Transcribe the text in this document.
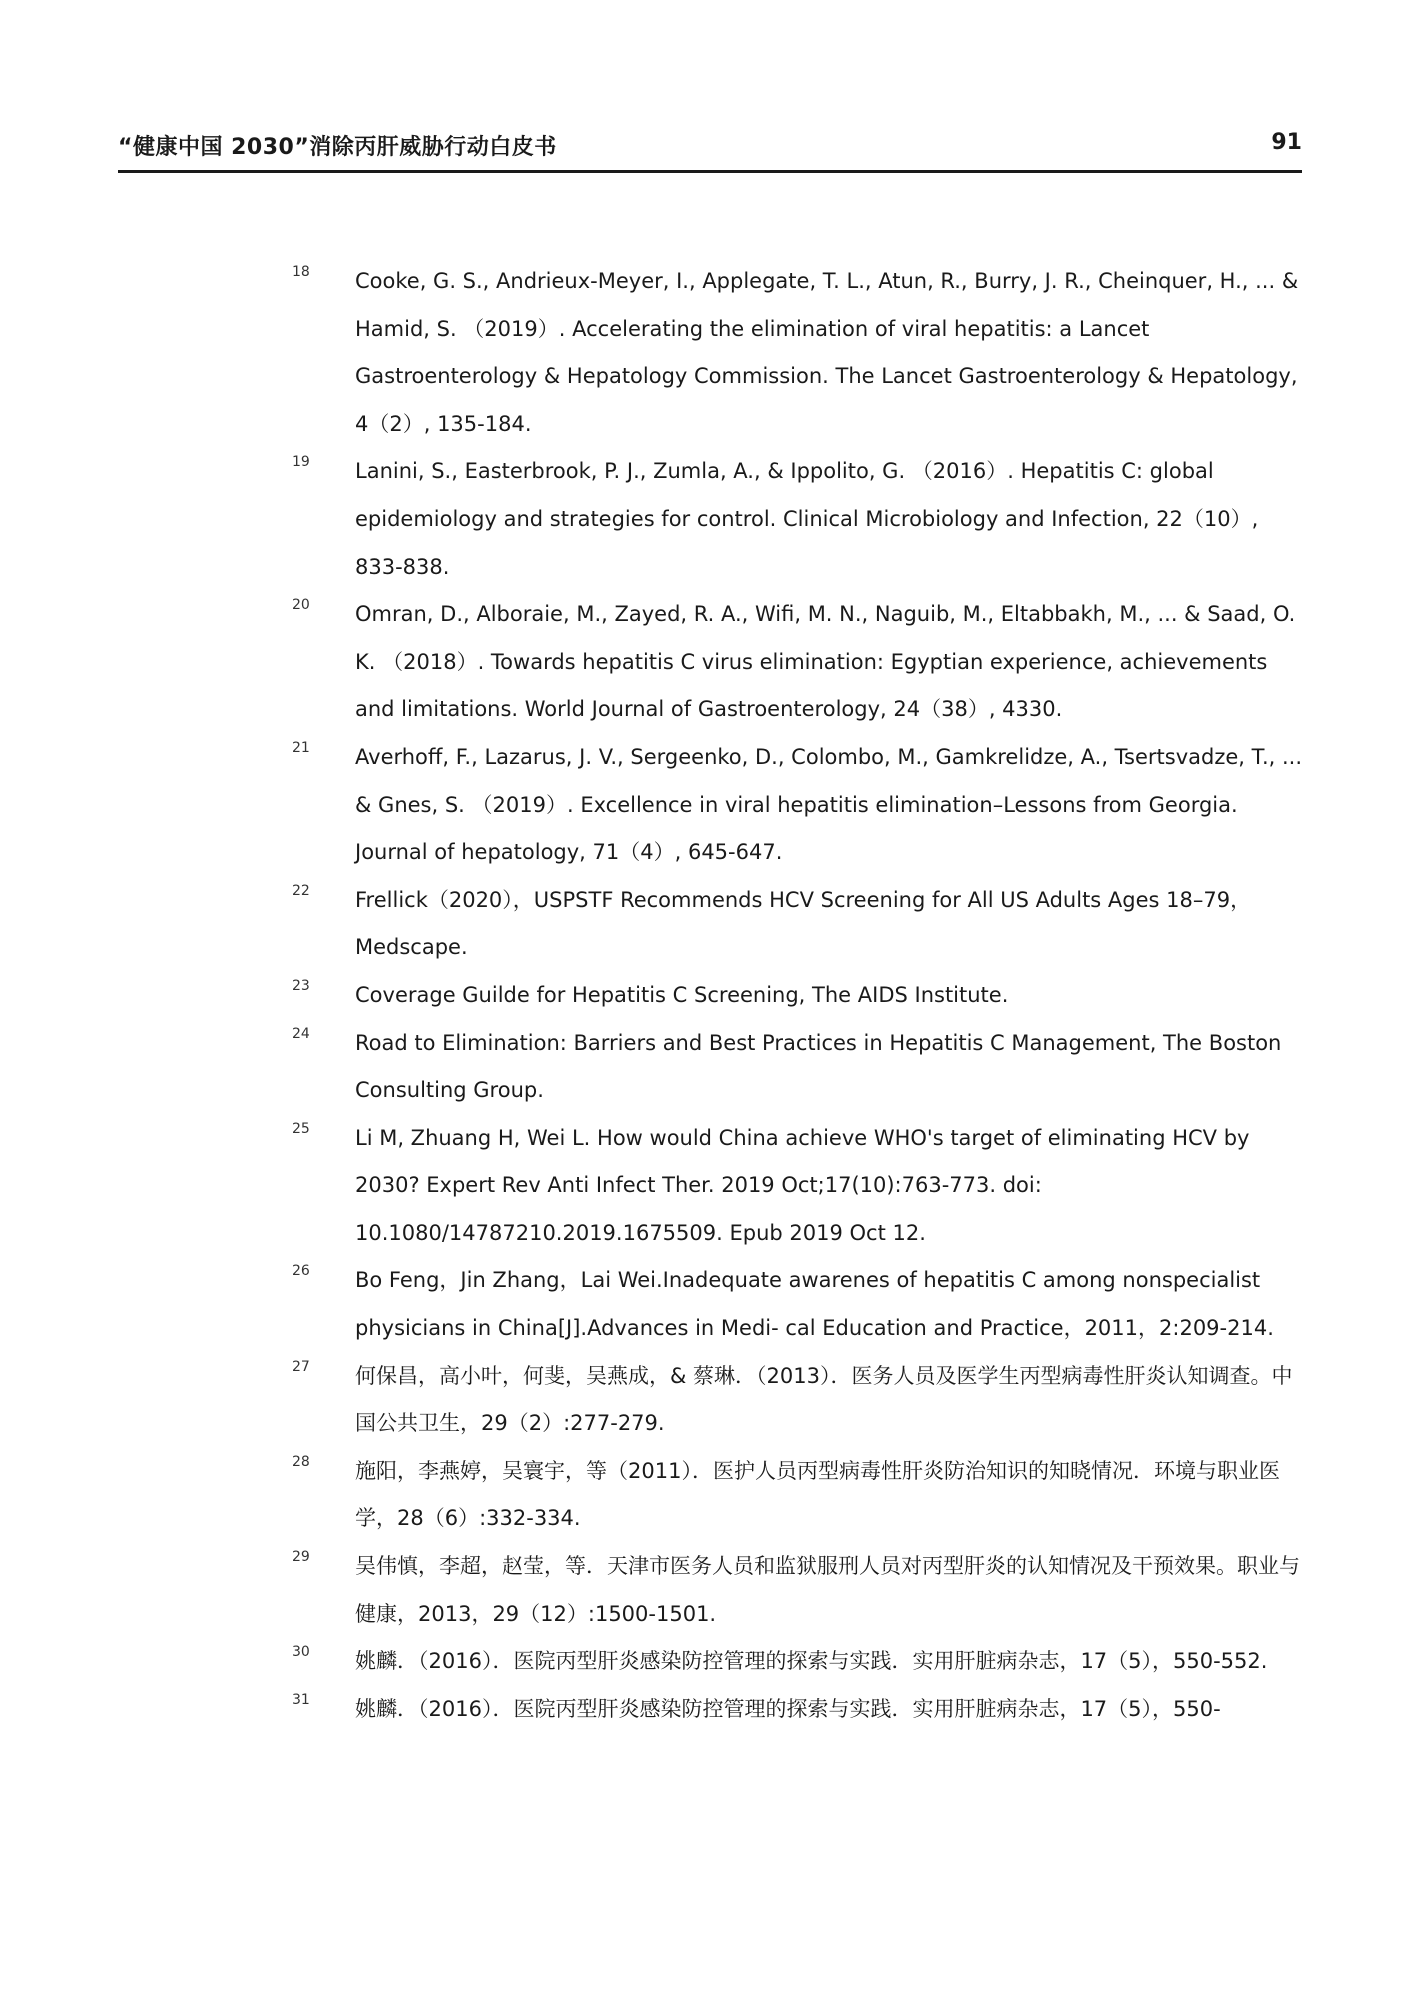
“健康中国 2030”消除丙肝威胁行动白皮书	91
18 Cooke, G. S., Andrieux-Meyer, I., Applegate, T. L., Atun, R., Burry, J. R., Cheinquer, H., ... & Hamid, S. （2019）. Accelerating the elimination of viral hepatitis: a Lancet Gastroenterology & Hepatology Commission. The Lancet Gastroenterology & Hepatology, 4（2）, 135-184.
19 Lanini, S., Easterbrook, P. J., Zumla, A., & Ippolito, G. （2016）. Hepatitis C: global epidemiology and strategies for control. Clinical Microbiology and Infection, 22（10）, 833-838.
20 Omran, D., Alboraie, M., Zayed, R. A., Wifi, M. N., Naguib, M., Eltabbakh, M., ... & Saad, O. K. （2018）. Towards hepatitis C virus elimination: Egyptian experience, achievements and limitations. World Journal of Gastroenterology, 24（38）, 4330.
21 Averhoff, F., Lazarus, J. V., Sergeenko, D., Colombo, M., Gamkrelidze, A., Tsertsvadze, T., ... & Gnes, S. （2019）. Excellence in viral hepatitis elimination–Lessons from Georgia. Journal of hepatology, 71（4）, 645-647.
22 Frellick（2020），USPSTF Recommends HCV Screening for All US Adults Ages 18–79，Medscape.
23 Coverage Guilde for Hepatitis C Screening, The AIDS Institute.
24 Road to Elimination: Barriers and Best Practices in Hepatitis C Management, The Boston Consulting Group.
25 Li M, Zhuang H, Wei L. How would China achieve WHO's target of eliminating HCV by 2030? Expert Rev Anti Infect Ther. 2019 Oct;17(10):763-773. doi: 10.1080/14787210.2019.1675509. Epub 2019 Oct 12.
26 Bo Feng，Jin Zhang，Lai Wei.Inadequate awarenes of hepatitis C among nonspecialist physicians in China[J].Advances in Medi- cal Education and Practice，2011，2:209-214.
27 何保昌，高小叶，何斐，吴燕成，& 蔡琳．（2013）．医务人员及医学生丙型病毒性肝炎认知调查。中国公共卫生，29（2）:277-279.
28 施阳，李燕婷，吴寰宇，等（2011）．医护人员丙型病毒性肝炎防治知识的知晓情况．环境与职业医学，28（6）:332-334.
29 吴伟慎，李超，赵莹，等．天津市医务人员和监狱服刑人员对丙型肝炎的认知情况及干预效果。职业与健康，2013，29（12）:1500-1501.
30 姚麟．（2016）．医院丙型肝炎感染防控管理的探索与实践．实用肝脏病杂志，17（5），550-552.
31 姚麟．（2016）．医院丙型肝炎感染防控管理的探索与实践．实用肝脏病杂志，17（5），550-
